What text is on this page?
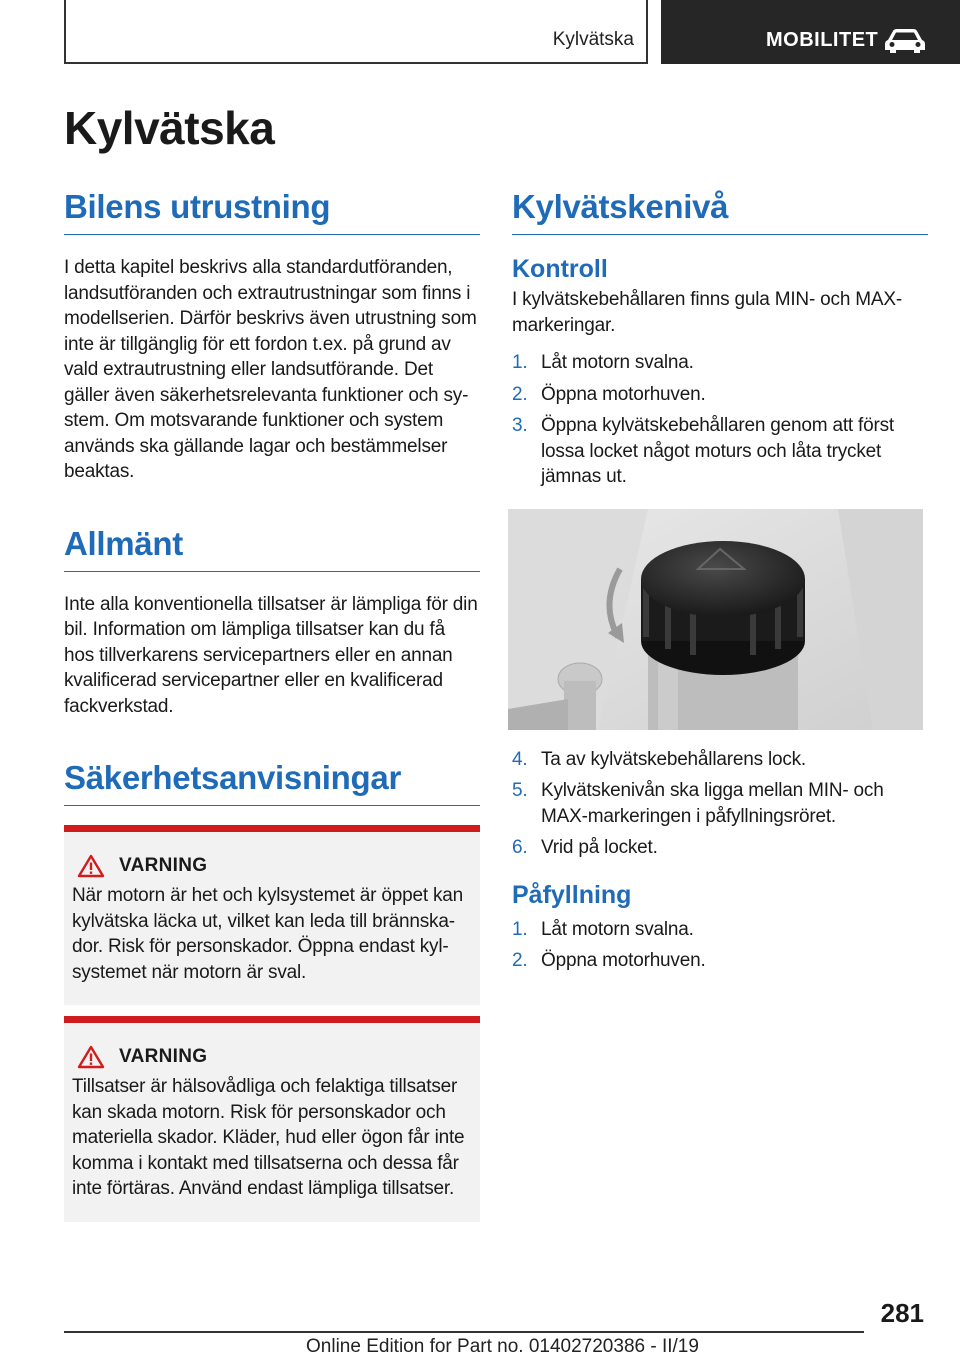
Kylvätska	MOBILITET
Kylvätska
Bilens utrustning

I detta kapitel beskrivs alla standardutföranden, landsutföranden och extrautrustningar som finns i modellserien. Därför beskrivs även utrustning som inte är tillgänglig för ett fordon t.ex. på grund av vald extrautrustning eller landsutförande. Det gäller även säkerhetsrelevanta funktioner och system. Om motsvarande funktioner och system används ska gällande lagar och bestämmelser beaktas.

Allmänt

Inte alla konventionella tillsatser är lämpliga för din bil. Information om lämpliga tillsatser kan du få hos tillverkarens servicepartners eller en annan kvalificerad servicepartner eller en kvalificerad fackverkstad.

Säkerhetsanvisningar
VARNING

När motorn är het och kylsystemet är öppet kan kylvätska läcka ut, vilket kan leda till brännskador. Risk för personskador. Öppna endast kylsystemet när motorn är sval.

VARNING

Tillsatser är hälsovådliga och felaktiga tillsatser kan skada motorn. Risk för personskador och materiella skador. Kläder, hud eller ögon får inte komma i kontakt med tillsatserna och dessa får inte förtäras. Använd endast lämpliga tillsatser.

Kylvätskenivå
Kontroll

I kylvätskebehållaren finns gula MIN- och MAX-markeringar.

1. Låt motorn svalna.
2. Öppna motorhuven.
3. Öppna kylvätskebehållaren genom att först lossa locket något moturs och låta trycket jämnas ut.
4. Ta av kylvätskebehållarens lock.
5. Kylvätskenivån ska ligga mellan MIN- och MAX-markeringen i påfyllningsröret.
6. Vrid på locket.
Påfyllning
1. Låt motorn svalna.
2. Öppna motorhuven.
281
Online Edition for Part no. 01402720386 - II/19
